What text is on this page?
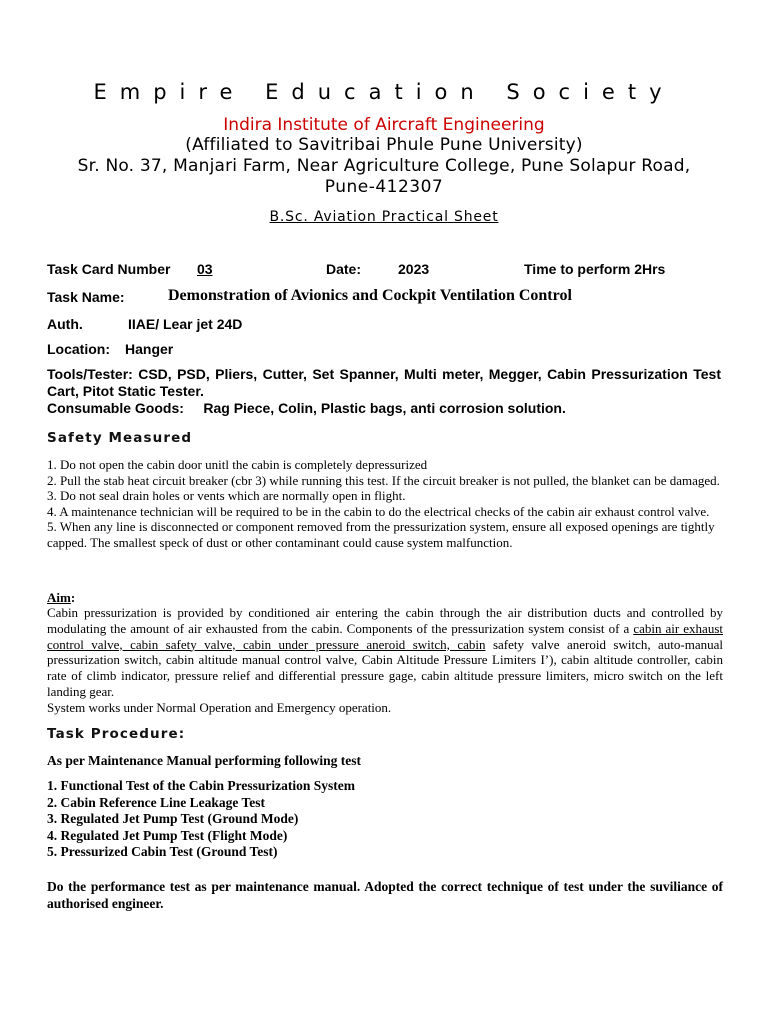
Empire Education Society
Indira Institute of Aircraft Engineering
(Affiliated to Savitribai Phule Pune University)
Sr. No. 37, Manjari Farm, Near Agriculture College, Pune Solapur Road,
Pune-412307
B.Sc. Aviation Practical Sheet
Task Card Number 03	Date:	2023	Time to perform 2Hrs
Task Name:	Demonstration of Avionics and Cockpit Ventilation Control
Auth.	IIAE/ Lear jet 24D
Location: Hanger
Tools/Tester: CSD, PSD, Pliers, Cutter, Set Spanner, Multi meter, Megger, Cabin Pressurization Test Cart, Pitot Static Tester.
Consumable Goods: Rag Piece, Colin, Plastic bags, anti corrosion solution.
Safety Measured

1. Do not open the cabin door unitl the cabin is completely depressurized

2. Pull the stab heat circuit breaker (cbr 3) while running this test. If the circuit breaker is not pulled, the blanket can be damaged.

3. Do not seal drain holes or vents which are normally open in flight.

4. A maintenance technician will be required to be in the cabin to do the electrical checks of the cabin air exhaust control valve.

5. When any line is disconnected or component removed from the pressurization system, ensure all exposed openings are tightly capped. The smallest speck of dust or other contaminant could cause system malfunction.

Aim:

Cabin pressurization is provided by conditioned air entering the cabin through the air distribution ducts and controlled by modulating the amount of air exhausted from the cabin. Components of the pressurization system consist of a cabin air exhaust control valve, cabin safety valve, cabin under pressure aneroid switch, cabin safety valve aneroid switch, auto-manual pressurization switch, cabin altitude manual control valve, Cabin Altitude Pressure Limiters I’), cabin altitude controller, cabin rate of climb indicator, pressure relief and differential pressure gage, cabin altitude pressure limiters, micro switch on the left landing gear.

System works under Normal Operation and Emergency operation.

Task Procedure:
As per Maintenance Manual performing following test
1. Functional Test of the Cabin Pressurization System
2. Cabin Reference Line Leakage Test
3. Regulated Jet Pump Test (Ground Mode)
4. Regulated Jet Pump Test (Flight Mode)
5. Pressurized Cabin Test (Ground Test)

Do the performance test as per maintenance manual. Adopted the correct technique of test under the suviliance of authorised engineer.
